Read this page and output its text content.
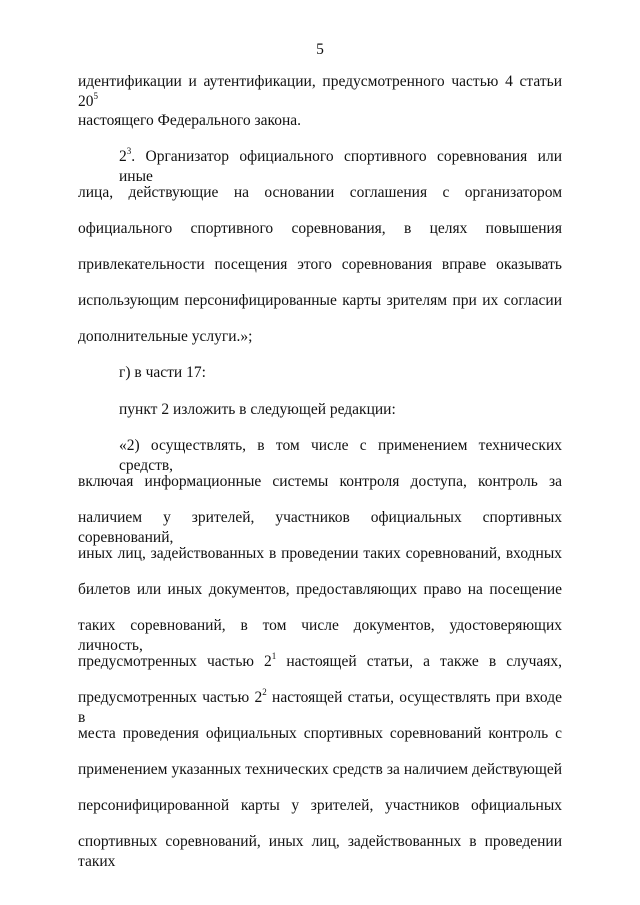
5
идентификации и аутентификации, предусмотренного частью 4 статьи $20^5$
настоящего Федерального закона.
$2^3$. Организатор официального спортивного соревнования или иные
лица, действующие на основании соглашения с организатором
официального спортивного соревнования, в целях повышения
привлекательности посещения этого соревнования вправе оказывать
использующим персонифицированные карты зрителям при их согласии
дополнительные услуги.»;
г) в части 17:
пункт 2 изложить в следующей редакции:
«2) осуществлять, в том числе с применением технических средств,
включая информационные системы контроля доступа, контроль за
наличием у зрителей, участников официальных спортивных соревнований,
иных лиц, задействованных в проведении таких соревнований, входных
билетов или иных документов, предоставляющих право на посещение
таких соревнований, в том числе документов, удостоверяющих личность,
предусмотренных частью $2^1$ настоящей статьи, а также в случаях,
предусмотренных частью $2^2$ настоящей статьи, осуществлять при входе в
места проведения официальных спортивных соревнований контроль с
применением указанных технических средств за наличием действующей
персонифицированной карты у зрителей, участников официальных
спортивных соревнований, иных лиц, задействованных в проведении таких
